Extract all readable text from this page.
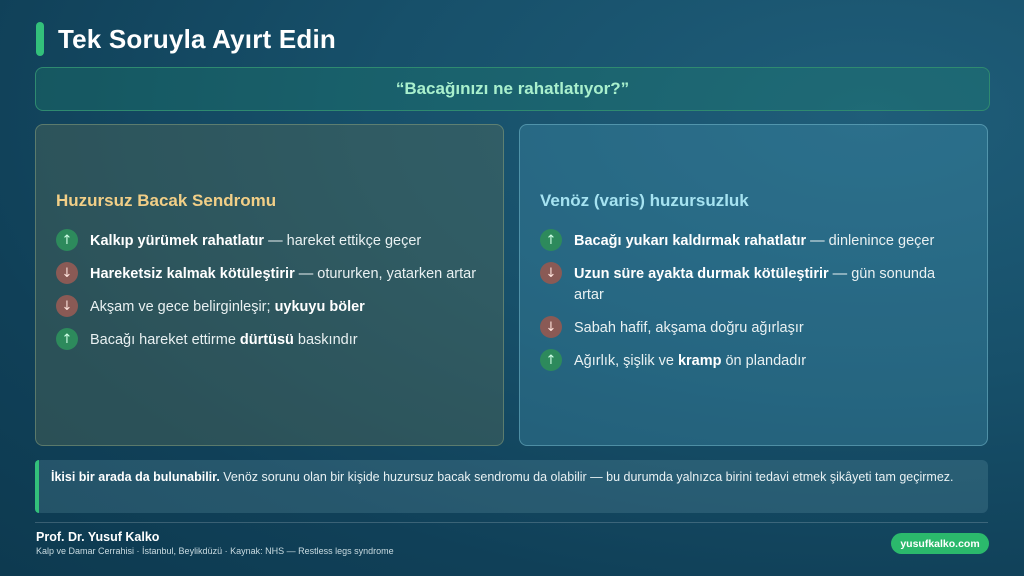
Tek Soruyla Ayırt Edin
“Bacağınızı ne rahatlatıyor?”
Huzursuz Bacak Sendromu
↑	Kalkıp yürümek rahatlatır — hareket ettikçe geçer
↓	Hareketsiz kalmak kötüleştirir — otururken, yatarken artar
↓	Akşam ve gece belirginleşir; uykuyu böler
↑	Bacağı hareket ettirme dürtüsü baskındır
Venöz (varis) huzursuzluk
↑	Bacağı yukarı kaldırmak rahatlatır — dinlenince geçer
↓	Uzun süre ayakta durmak kötüleştirir — gün sonunda artar
↓	Sabah hafif, akşama doğru ağırlaşır
↑	Ağırlık, şişlik ve kramp ön plandadır
İkisi bir arada da bulunabilir. Venöz sorunu olan bir kişide huzursuz bacak sendromu da olabilir — bu durumda yalnızca birini tedavi etmek şikâyeti tam geçirmez.
Prof. Dr. Yusuf Kalko
Kalp ve Damar Cerrahisi · İstanbul, Beylikdüzü · Kaynak: NHS — Restless legs syndrome
yusufkalko.com
